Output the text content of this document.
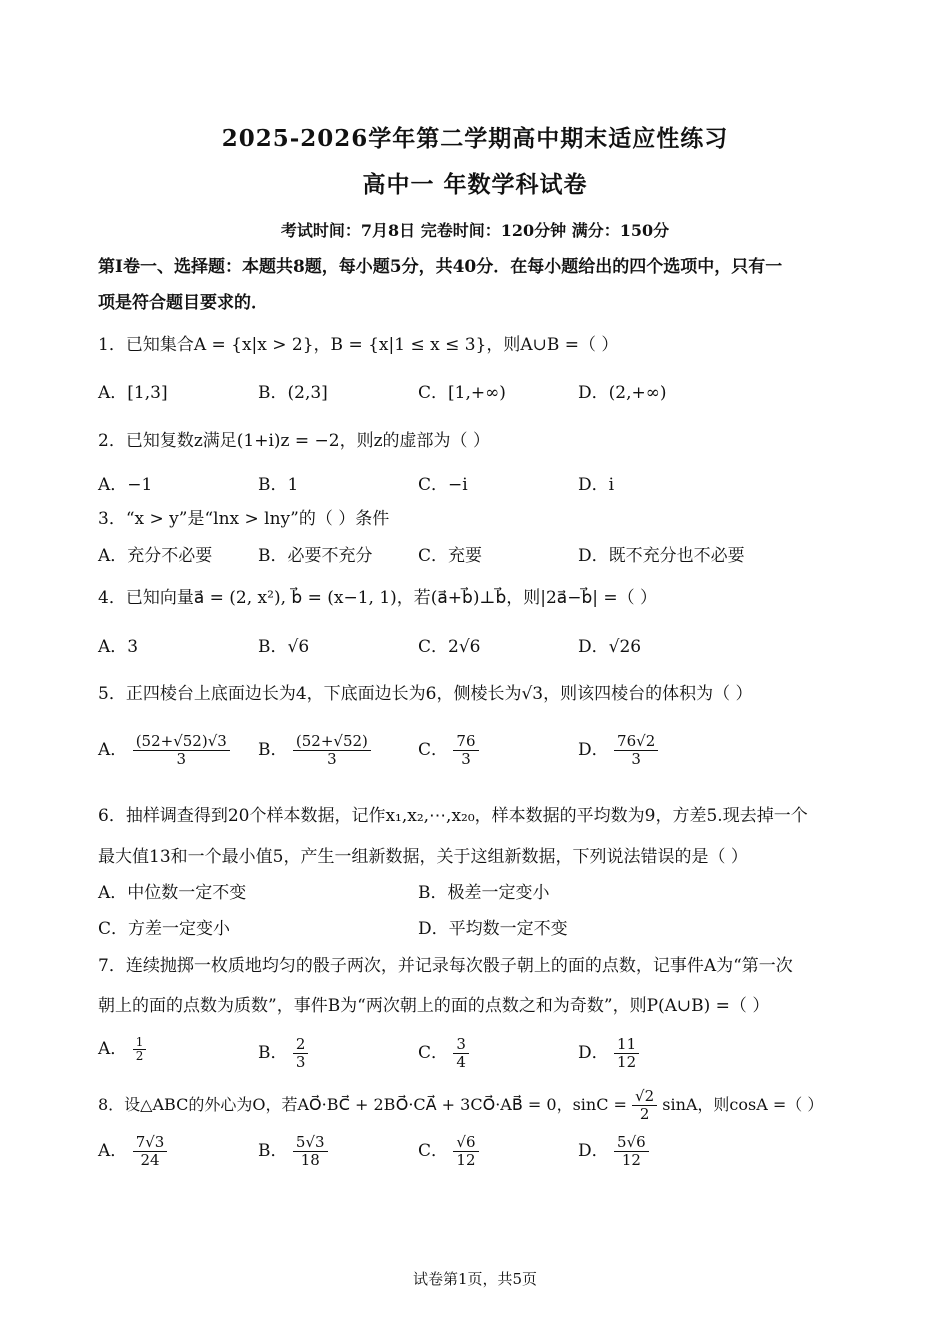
2025-2026学年第二学期高中期末适应性练习
高中一 年数学科试卷
考试时间：7月8日 完卷时间：120分钟 满分：150分
第Ⅰ卷一、选择题：本题共8题，每小题5分，共40分．在每小题给出的四个选项中，只有一
项是符合题目要求的．
1．已知集合A = {x|x > 2}，B = {x|1 ≤ x ≤ 3}，则A∪B =（ ）
A．[1,3]	B．(2,3]	C．[1,+∞)	D．(2,+∞)
2．已知复数z满足(1+i)z = −2，则z的虚部为（ ）
A．−1	B．1	C．−i	D．i
3．“x > y”是“lnx > lny”的（ ）条件
A．充分不必要	B．必要不充分	C．充要	D．既不充分也不必要
4．已知向量a⃗ = (2, x²), b⃗ = (x−1, 1)，若(a⃗+b⃗)⊥b⃗，则|2a⃗−b⃗| =（ ）
A．3	B．√6	C．2√6	D．√26
5．正四棱台上底面边长为4，下底面边长为6，侧棱长为√3，则该四棱台的体积为（ ）
A． $\frac{(52+√52)√3}{3}$ B． $\frac{(52+√52)}{3}$	C． $\frac{76}{3}$	D． $\frac{76√2}{3}$
6．抽样调查得到20个样本数据，记作x₁,x₂,⋯,x₂₀，样本数据的平均数为9，方差5.现去掉一个
最大值13和一个最小值5，产生一组新数据，关于这组新数据，下列说法错误的是（ ）
A．中位数一定不变	B．极差一定变小
C．方差一定变小	D．平均数一定不变
7．连续抛掷一枚质地均匀的骰子两次，并记录每次骰子朝上的面的点数，记事件A为“第一次
朝上的面的点数为质数”，事件B为“两次朝上的面的点数之和为奇数”，则P(A∪B) =（ ）
A． $\frac{1}{2}$	B． $\frac{2}{3}$	C． $\frac{3}{4}$	D． $\frac{11}{12}$
8．设△ABC的外心为O，若AO⃗·BC⃗ + 2BO⃗·CA⃗ + 3CO⃗·AB⃗ = 0，$\sin C = \frac{√2}{2}$ sinA，则cosA =（ ）
A． $\frac{7√3}{24}$	B． $\frac{5√3}{18}$	C． $\frac{√6}{12}$	D． $\frac{5√6}{12}$
试卷第1页，共5页
